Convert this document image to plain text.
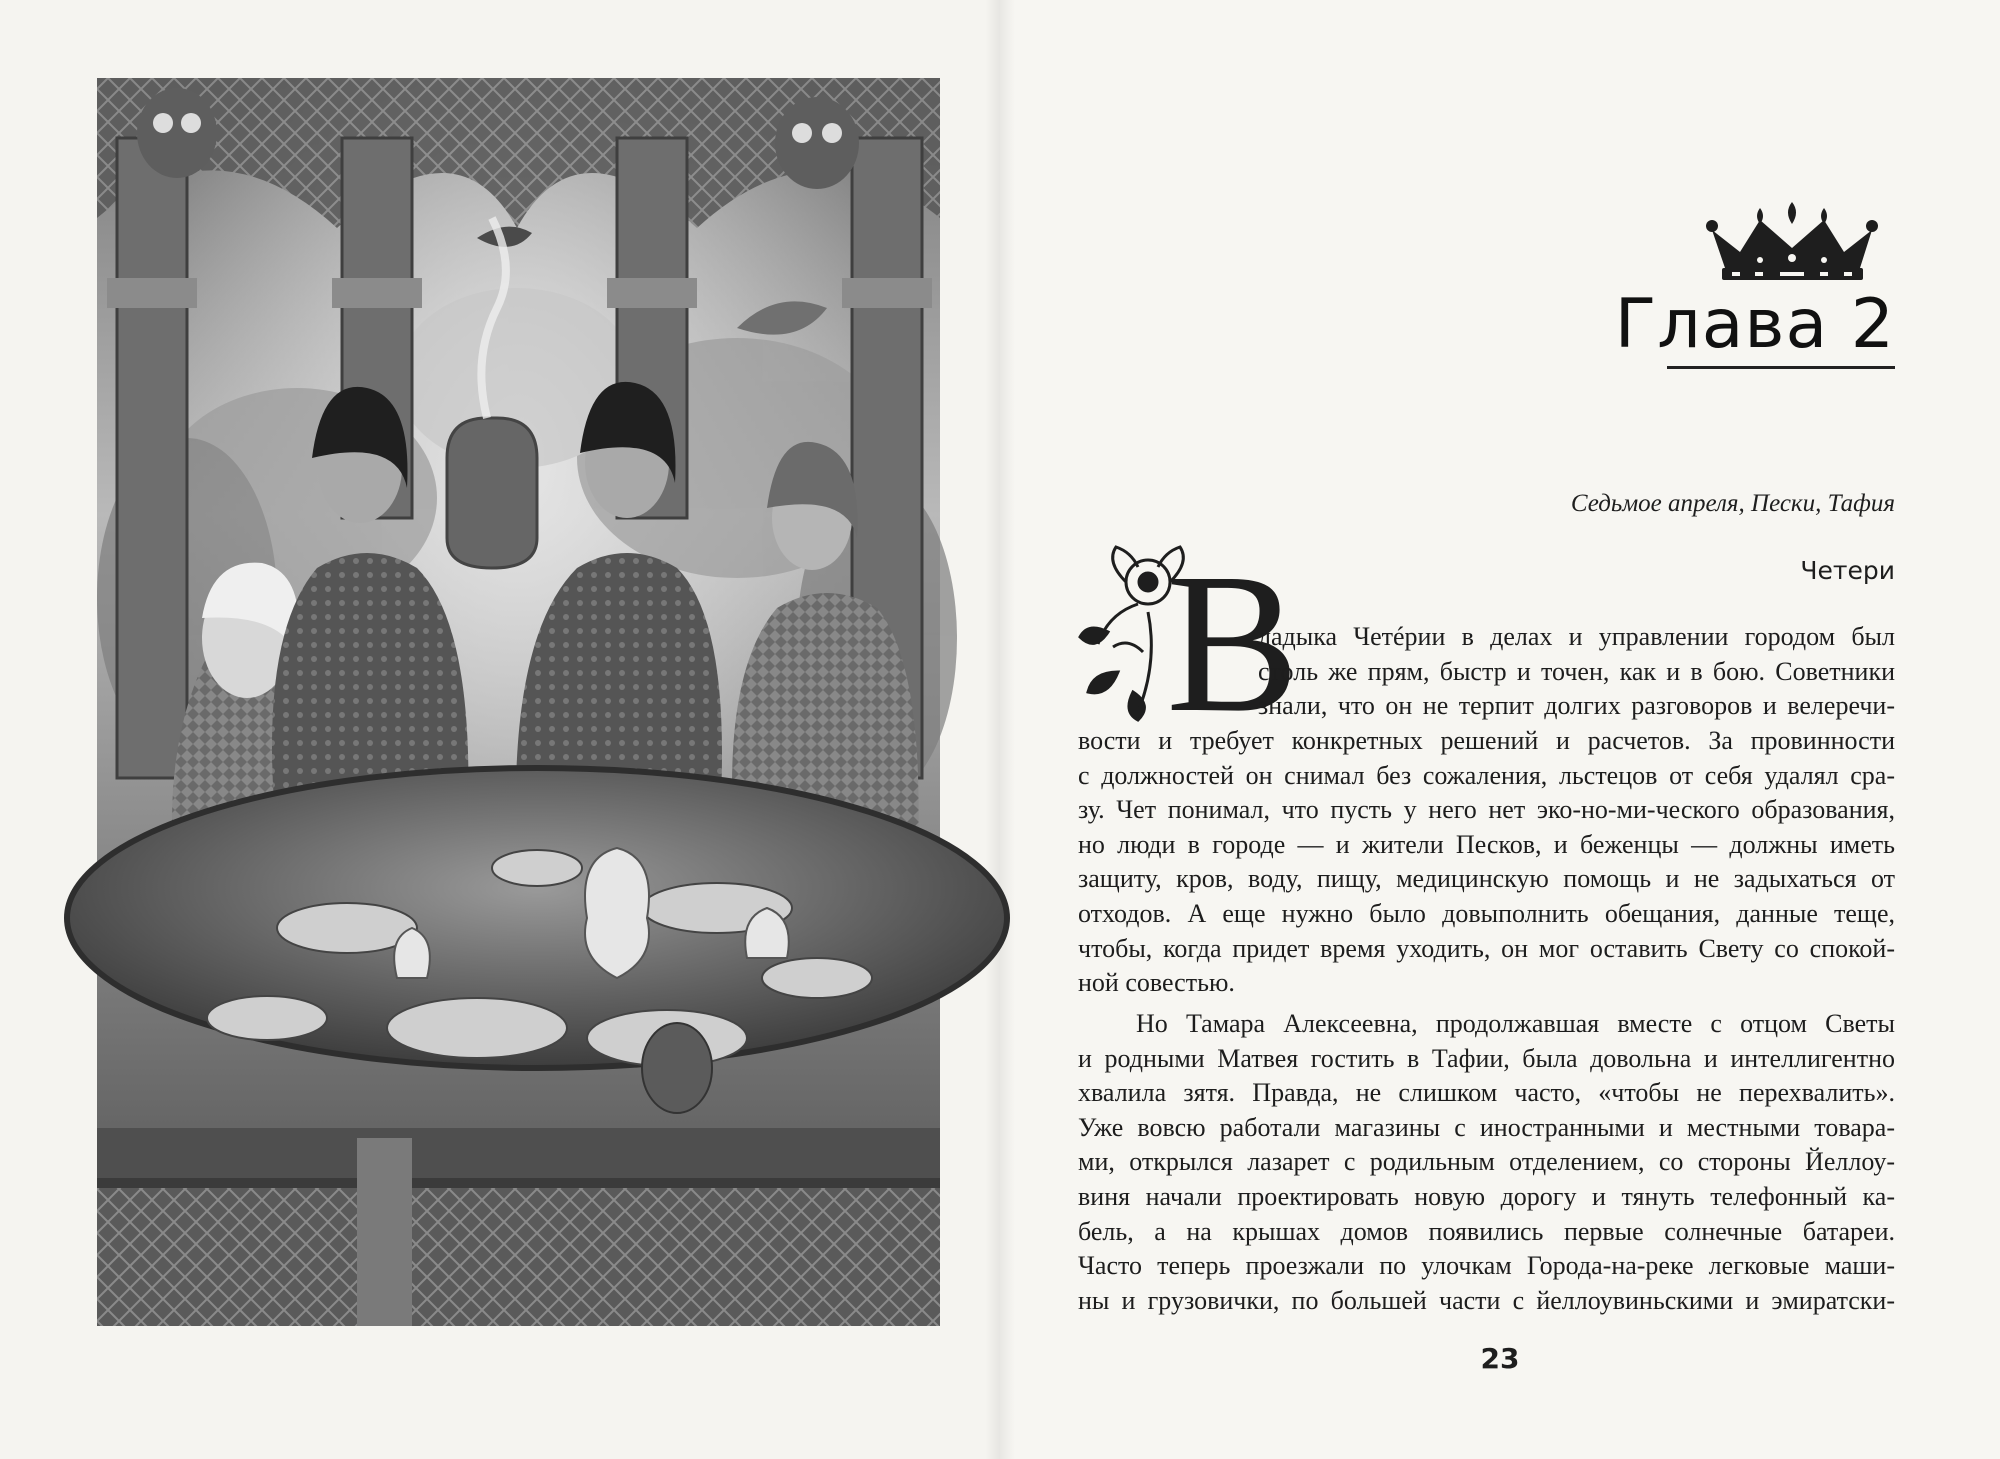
Глава 2
Седьмое апреля, Пески, Тафия
Четери
В
ладыка Четéрии в делах и управлении городом был
столь же прям, быстр и точен, как и в бою. Советники
знали, что он не терпит долгих разговоров и велеречи-
вости и требует конкретных решений и расчетов. За провинности
с должностей он снимал без сожаления, льстецов от себя удалял сра-
зу. Чет понимал, что пусть у него нет эко-но-ми-ческого образования,
но люди в городе — и жители Песков, и беженцы — должны иметь
защиту, кров, воду, пищу, медицинскую помощь и не задыхаться от
отходов. А еще нужно было довыполнить обещания, данные теще,
чтобы, когда придет время уходить, он мог оставить Свету со спокой-
ной совестью.
Но Тамара Алексеевна, продолжавшая вместе с отцом Светы
и родными Матвея гостить в Тафии, была довольна и интеллигентно
хвалила зятя. Правда, не слишком часто, «чтобы не перехвалить».
Уже вовсю работали магазины с иностранными и местными товара-
ми, открылся лазарет с родильным отделением, со стороны Йеллоу-
виня начали проектировать новую дорогу и тянуть телефонный ка-
бель, а на крышах домов появились первые солнечные батареи.
Часто теперь проезжали по улочкам Города-на-реке легковые маши-
ны и грузовички, по большей части с йеллоувиньскими и эмиратски-
23
